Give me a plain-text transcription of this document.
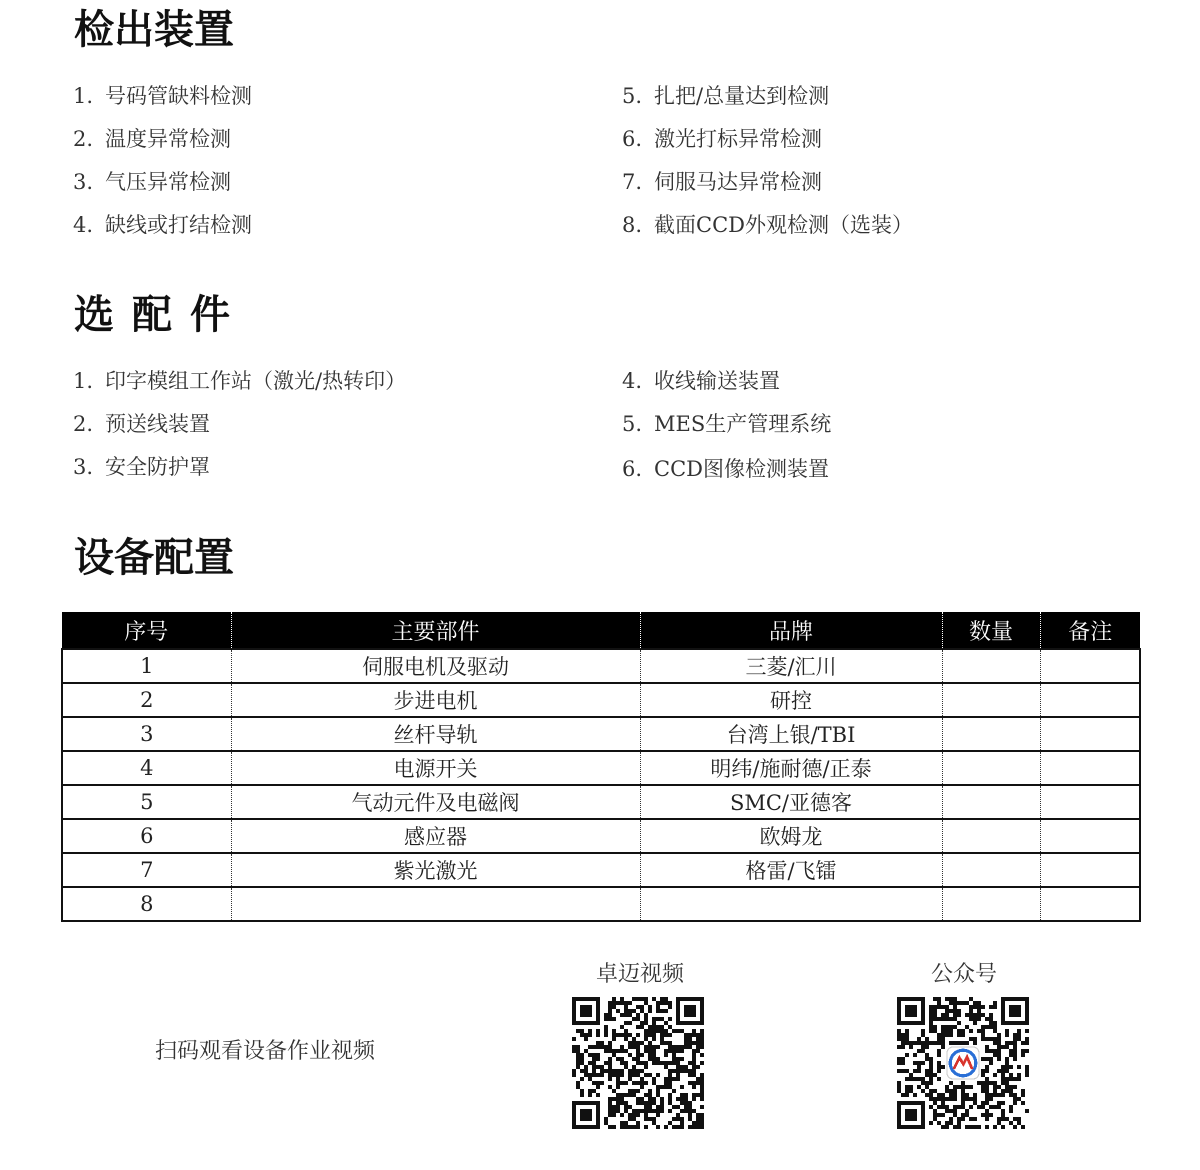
检出装置
1. 号码管缺料检测
2. 温度异常检测
3. 气压异常检测
4. 缺线或打结检测
5. 扎把/总量达到检测
6. 激光打标异常检测
7. 伺服马达异常检测
8. 截面CCD外观检测（选装）
选配件
1. 印字模组工作站（激光/热转印）
2. 预送线装置
3. 安全防护罩
4. 收线输送装置
5. MES生产管理系统
6. CCD图像检测装置
设备配置
序号	主要部件	品牌	数量	备注
1	伺服电机及驱动	三菱/汇川		
2	步进电机	研控		
3	丝杆导轨	台湾上银/TBI		
4	电源开关	明纬/施耐德/正泰		
5	气动元件及电磁阀	SMC/亚德客		
6	感应器	欧姆龙		
7	紫光激光	格雷/飞镭		
8				
扫码观看设备作业视频
卓迈视频	公众号
